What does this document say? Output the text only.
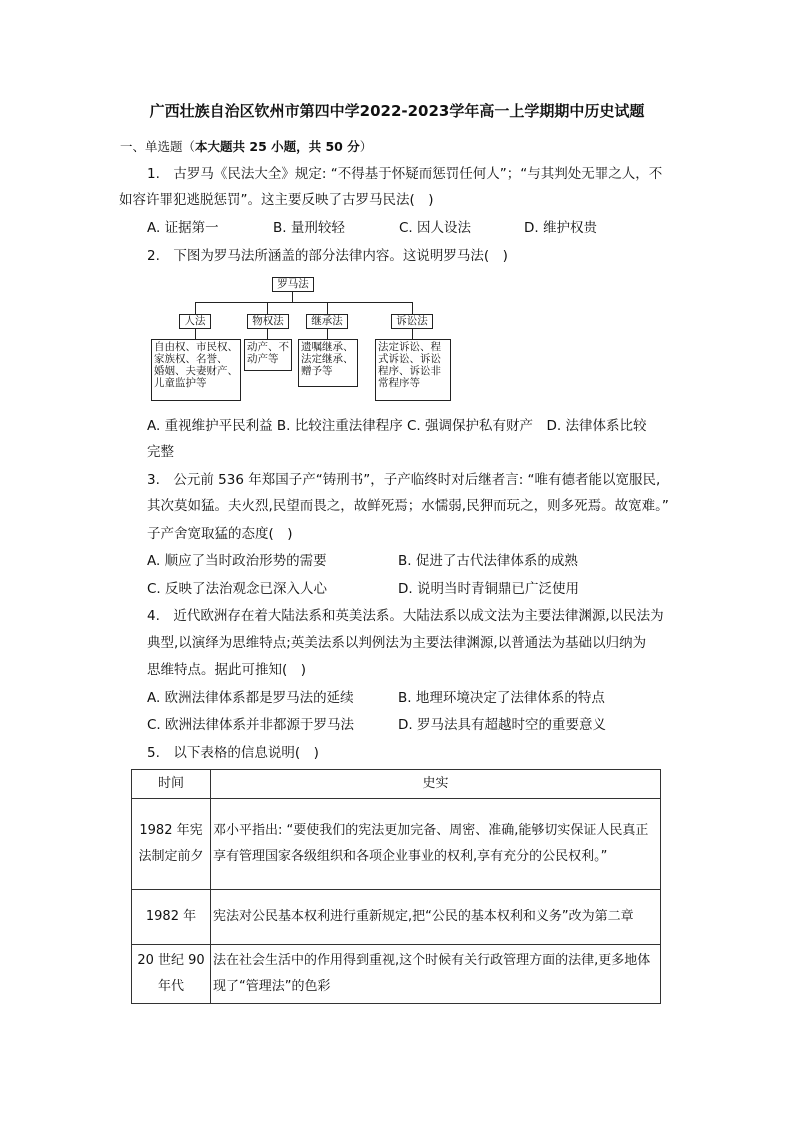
广西壮族自治区钦州市第四中学2022-2023学年高一上学期期中历史试题
一、单选题（本大题共 25 小题，共 50 分）
1.　古罗马《民法大全》规定: “不得基于怀疑而惩罚任何人”；“与其判处无罪之人，不
如容许罪犯逃脱惩罚”。这主要反映了古罗马民法(　)
A. 证据第一	B. 量刑较轻	C. 因人设法	D. 维护权贵
2.　下图为罗马法所涵盖的部分法律内容。这说明罗马法(　)
罗马法
人法	物权法	继承法	诉讼法
自由权、市民权、
家族权、名誉、
婚姻、夫妻财产、
儿童监护等
动产、不
动产等
遗嘱继承、
法定继承、
赠予等
法定诉讼、程
式诉讼、诉讼
程序、诉讼非
常程序等
A. 重视维护平民利益 B. 比较注重法律程序 C. 强调保护私有财产　D. 法律体系比较
完整
3.　公元前 536 年郑国子产“铸刑书”，子产临终时对后继者言: “唯有德者能以宽服民,
其次莫如猛。夫火烈,民望而畏之，故鲜死焉；水懦弱,民狎而玩之，则多死焉。故宽难。”
子产舍宽取猛的态度(　)
A. 顺应了当时政治形势的需要	B. 促进了古代法律体系的成熟
C. 反映了法治观念已深入人心	D. 说明当时青铜鼎已广泛使用
4.　近代欧洲存在着大陆法系和英美法系。大陆法系以成文法为主要法律渊源,以民法为
典型,以演绎为思维特点;英美法系以判例法为主要法律渊源,以普通法为基础以归纳为
思维特点。据此可推知(　)
A. 欧洲法律体系都是罗马法的延续	B. 地理环境决定了法律体系的特点
C. 欧洲法律体系并非都源于罗马法	D. 罗马法具有超越时空的重要意义
5.　以下表格的信息说明(　)
时间	史实
1982 年宪法制定前夕	邓小平指出: “要使我们的宪法更加完备、周密、准确,能够切实保证人民真正享有管理国家各级组织和各项企业事业的权利,享有充分的公民权利。”
1982 年	宪法对公民基本权利进行重新规定,把“公民的基本权利和义务”改为第二章
20 世纪 90 年代	法在社会生活中的作用得到重视,这个时候有关行政管理方面的法律,更多地体现了“管理法”的色彩
